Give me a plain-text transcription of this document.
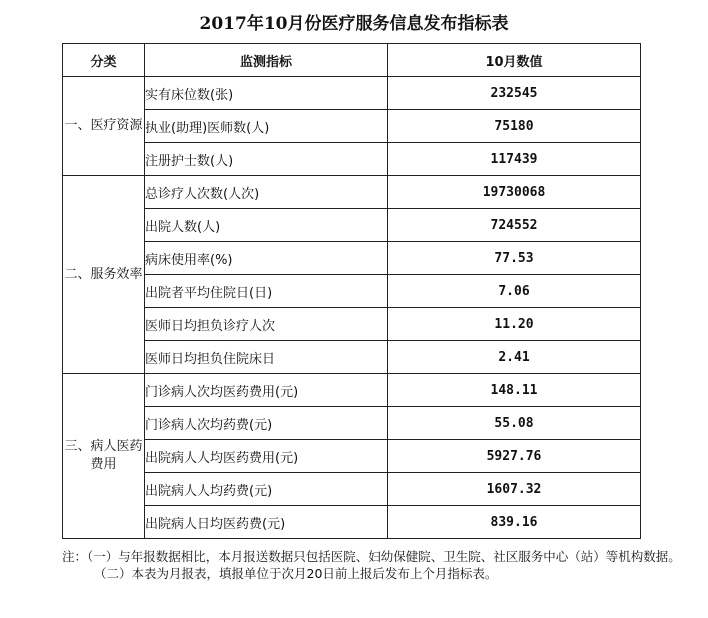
2017年10月份医疗服务信息发布指标表
分类	监测指标	10月数值
一、医疗资源	实有床位数(张)	232545
	执业(助理)医师数(人)	75180
	注册护士数(人)	117439
二、服务效率	总诊疗人次数(人次)	19730068
	出院人数(人)	724552
	病床使用率(%)	77.53
	出院者平均住院日(日)	7.06
	医师日均担负诊疗人次	11.20
	医师日均担负住院床日	2.41
三、病人医药费用	门诊病人次均医药费用(元)	148.11
	门诊病人次均药费(元)	55.08
	出院病人人均医药费用(元)	5927.76
	出院病人人均药费(元)	1607.32
	出院病人日均医药费(元)	839.16
注：（一）与年报数据相比，本月报送数据只包括医院、妇幼保健院、卫生院、社区服务中心（站）等机构数据。
（二）本表为月报表，填报单位于次月20日前上报后发布上个月指标表。
